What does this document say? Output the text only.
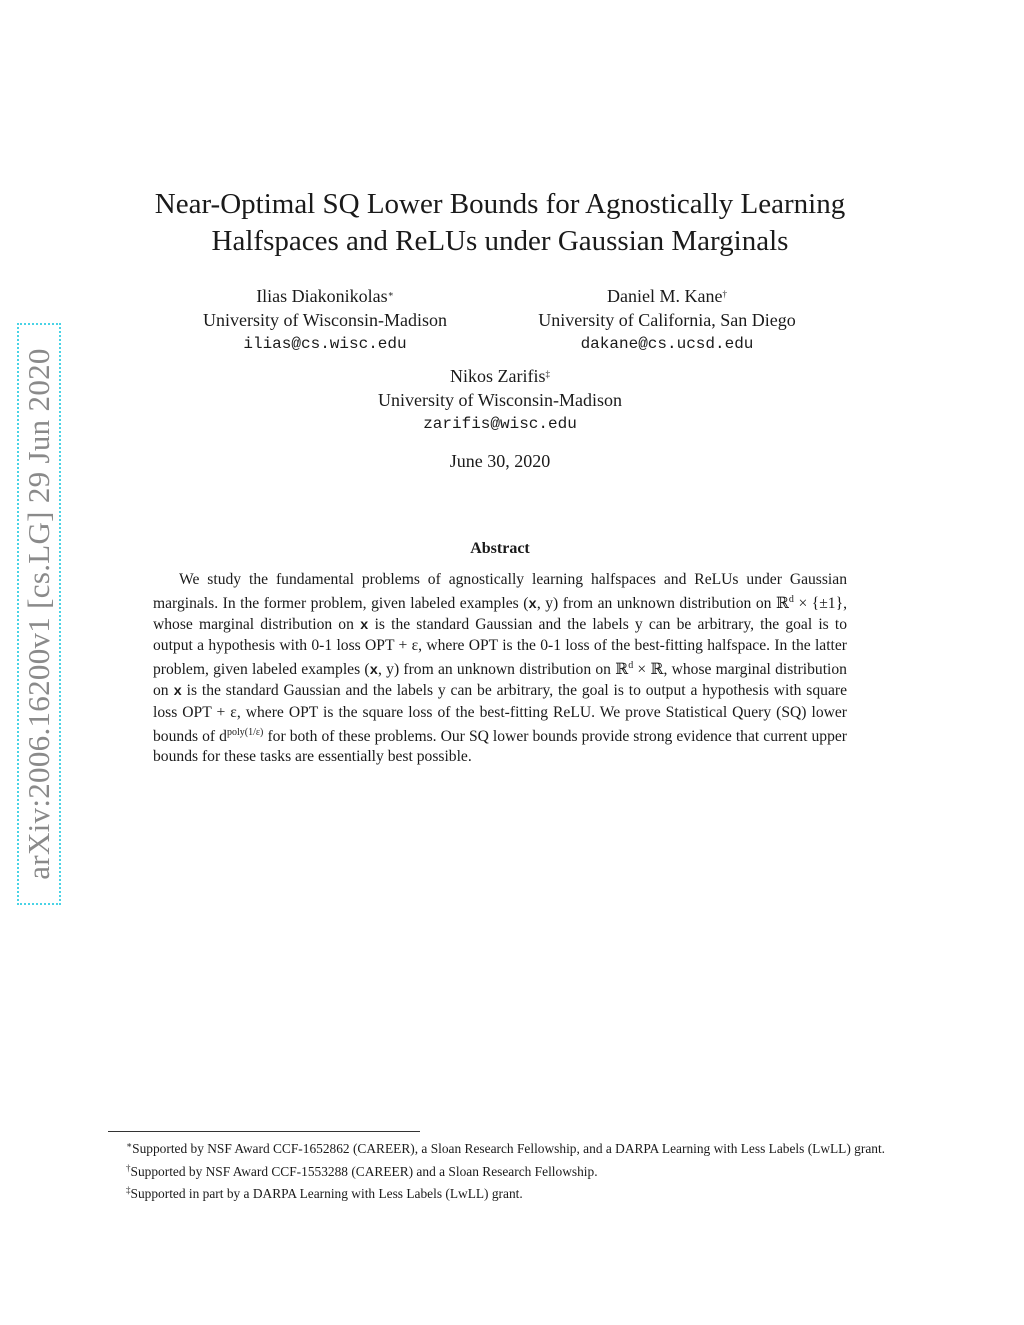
arXiv:2006.16200v1 [cs.LG] 29 Jun 2020
Near-Optimal SQ Lower Bounds for Agnostically Learning
Halfspaces and ReLUs under Gaussian Marginals
Ilias Diakonikolas∗
University of Wisconsin-Madison
ilias@cs.wisc.edu
Daniel M. Kane†
University of California, San Diego
dakane@cs.ucsd.edu
Nikos Zarifis‡
University of Wisconsin-Madison
zarifis@wisc.edu
June 30, 2020
Abstract
We study the fundamental problems of agnostically learning halfspaces and ReLUs under Gaussian marginals. In the former problem, given labeled examples (x, y) from an unknown distribution on ℝ$^d$ × {±1}, whose marginal distribution on x is the standard Gaussian and the labels y can be arbitrary, the goal is to output a hypothesis with 0-1 loss OPT + ε, where OPT is the 0-1 loss of the best-fitting halfspace. In the latter problem, given labeled examples (x, y) from an unknown distribution on ℝ$^d$ × ℝ, whose marginal distribution on x is the standard Gaussian and the labels y can be arbitrary, the goal is to output a hypothesis with square loss OPT + ε, where OPT is the square loss of the best-fitting ReLU. We prove Statistical Query (SQ) lower bounds of $d^{poly(1/\varepsilon)}$ for both of these problems. Our SQ lower bounds provide strong evidence that current upper bounds for these tasks are essentially best possible.

∗Supported by NSF Award CCF-1652862 (CAREER), a Sloan Research Fellowship, and a DARPA Learning with Less Labels (LwLL) grant.

†Supported by NSF Award CCF-1553288 (CAREER) and a Sloan Research Fellowship.

‡Supported in part by a DARPA Learning with Less Labels (LwLL) grant.
